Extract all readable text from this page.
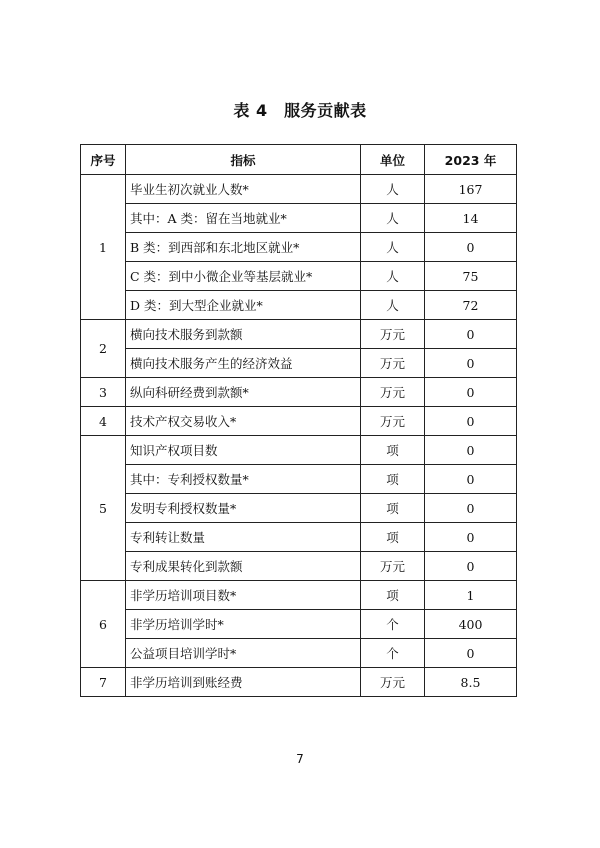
表 4　服务贡献表
序号	指标	单位	2023 年
1	毕业生初次就业人数*	人	167
	其中：A 类：留在当地就业*	人	14
	B 类：到西部和东北地区就业*	人	0
	C 类：到中小微企业等基层就业*	人	75
	D 类：到大型企业就业*	人	72
2	横向技术服务到款额	万元	0
	横向技术服务产生的经济效益	万元	0
3	纵向科研经费到款额*	万元	0
4	技术产权交易收入*	万元	0
5	知识产权项目数	项	0
	其中：专利授权数量*	项	0
	发明专利授权数量*	项	0
	专利转让数量	项	0
	专利成果转化到款额	万元	0
6	非学历培训项目数*	项	1
	非学历培训学时*	个	400
	公益项目培训学时*	个	0
7	非学历培训到账经费	万元	8.5
7
